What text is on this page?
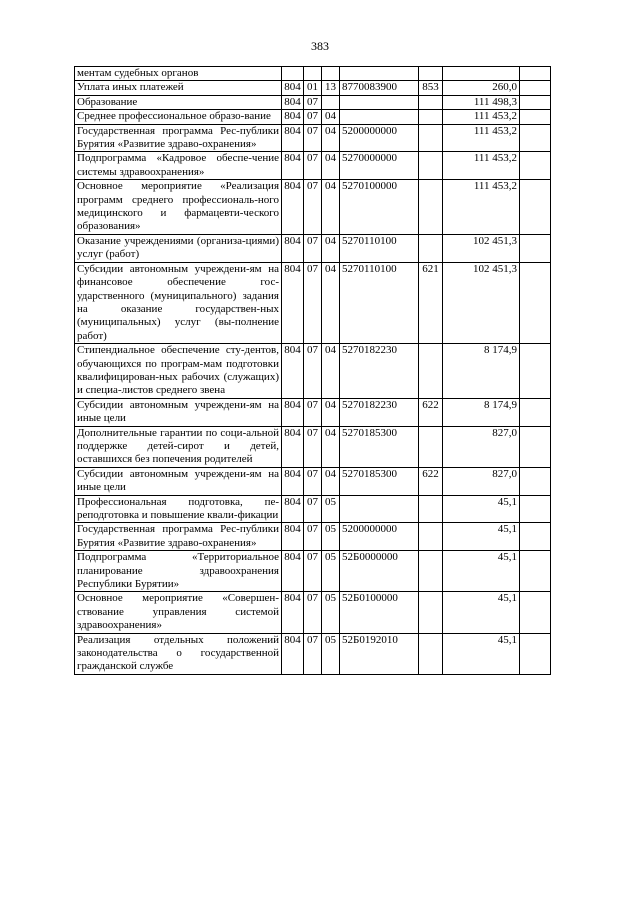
383
ментам судебных органов							
Уплата иных платежей	804	01	13	8770083900	853	260,0	
Образование	804	07				111 498,3	
Среднее профессиональное образо-вание	804	07	04			111 453,2	
Государственная программа Рес-публики Бурятия «Развитие здраво-охранения»	804	07	04	5200000000		111 453,2	
Подпрограмма «Кадровое обеспе-чение системы здравоохранения»	804	07	04	5270000000		111 453,2	
Основное мероприятие «Реализация программ среднего профессиональ-ного медицинского и фармацевти-ческого образования»	804	07	04	5270100000		111 453,2	
Оказание учреждениями (организа-циями) услуг (работ)	804	07	04	5270110100		102 451,3	
Субсидии автономным учреждени-ям на финансовое обеспечение гос-ударственного (муниципального) задания на оказание государствен-ных (муниципальных) услуг (вы-полнение работ)	804	07	04	5270110100	621	102 451,3	
Стипендиальное обеспечение сту-дентов, обучающихся по програм-мам подготовки квалифицирован-ных рабочих (служащих) и специа-листов среднего звена	804	07	04	5270182230		8 174,9	
Субсидии автономным учреждени-ям на иные цели	804	07	04	5270182230	622	8 174,9	
Дополнительные гарантии по соци-альной поддержке детей-сирот и детей, оставшихся без попечения родителей	804	07	04	5270185300		827,0	
Субсидии автономным учреждени-ям на иные цели	804	07	04	5270185300	622	827,0	
Профессиональная подготовка, пе-реподготовка и повышение квали-фикации	804	07	05			45,1	
Государственная программа Рес-публики Бурятия «Развитие здраво-охранения»	804	07	05	5200000000		45,1	
Подпрограмма «Территориальное планирование здравоохранения Республики Бурятии»	804	07	05	52Б0000000		45,1	
Основное мероприятие «Совершен-ствование управления системой здравоохранения»	804	07	05	52Б0100000		45,1	
Реализация отдельных положений законодательства о государственной гражданской службе	804	07	05	52Б0192010		45,1	
